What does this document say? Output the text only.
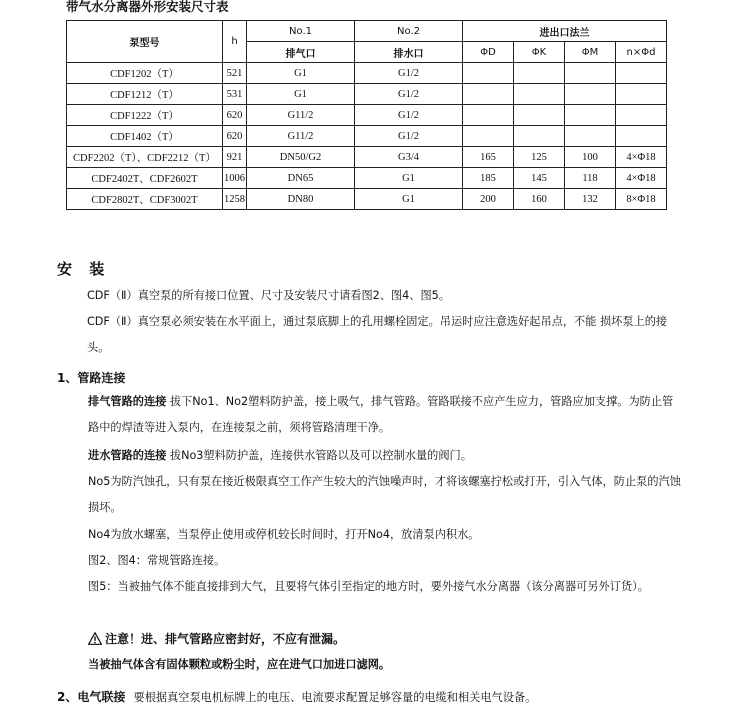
带气水分离器外形安装尺寸表
泵型号	h	No.1	No.2	进出口法兰			
		排气口	排水口	ΦD	ΦK	ΦM	n×Φd
CDF1202（T）	521	G1	G1/2				
CDF1212（T）	531	G1	G1/2				
CDF1222（T）	620	G11/2	G1/2				
CDF1402（T）	620	G11/2	G1/2				
CDF2202（T）、CDF2212（T）	921	DN50/G2	G3/4	165	125	100	4×Φ18
CDF2402T、CDF2602T	1006	DN65	G1	185	145	118	4×Φ18
CDF2802T、CDF3002T	1258	DN80	G1	200	160	132	8×Φ18
安 装
CDF（Ⅱ）真空泵的所有接口位置、尺寸及安装尺寸请看图2、图4、图5。
CDF（Ⅱ）真空泵必须安装在水平面上，通过泵底脚上的孔用螺栓固定。吊运时应注意选好起吊点，不能 损坏泵上的接头。
1、管路连接
排气管路的连接 拔下No1、No2塑料防护盖，接上吸气，排气管路。管路联接不应产生应力，管路应加支撑。为防止管路中的焊渣等进入泵内，在连接泵之前，须将管路清理干净。
进水管路的连接 拔No3塑料防护盖，连接供水管路以及可以控制水量的阀门。
No5为防汽蚀孔，只有泵在接近极限真空工作产生较大的汽蚀噪声时，才将该螺塞拧松或打开，引入气体，防止泵的汽蚀损坏。
No4为放水螺塞，当泵停止使用或停机较长时间时，打开No4，放清泵内积水。
图2、图4：常规管路连接。
图5：当被抽气体不能直接排到大气，且要将气体引至指定的地方时，要外接气水分离器（该分离器可另外订货）。
注意！进、排气管路应密封好，不应有泄漏。
当被抽气体含有固体颗粒或粉尘时，应在进气口加进口滤网。
2、电气联接 要根据真空泵电机标牌上的电压、电流要求配置足够容量的电缆和相关电气设备。
